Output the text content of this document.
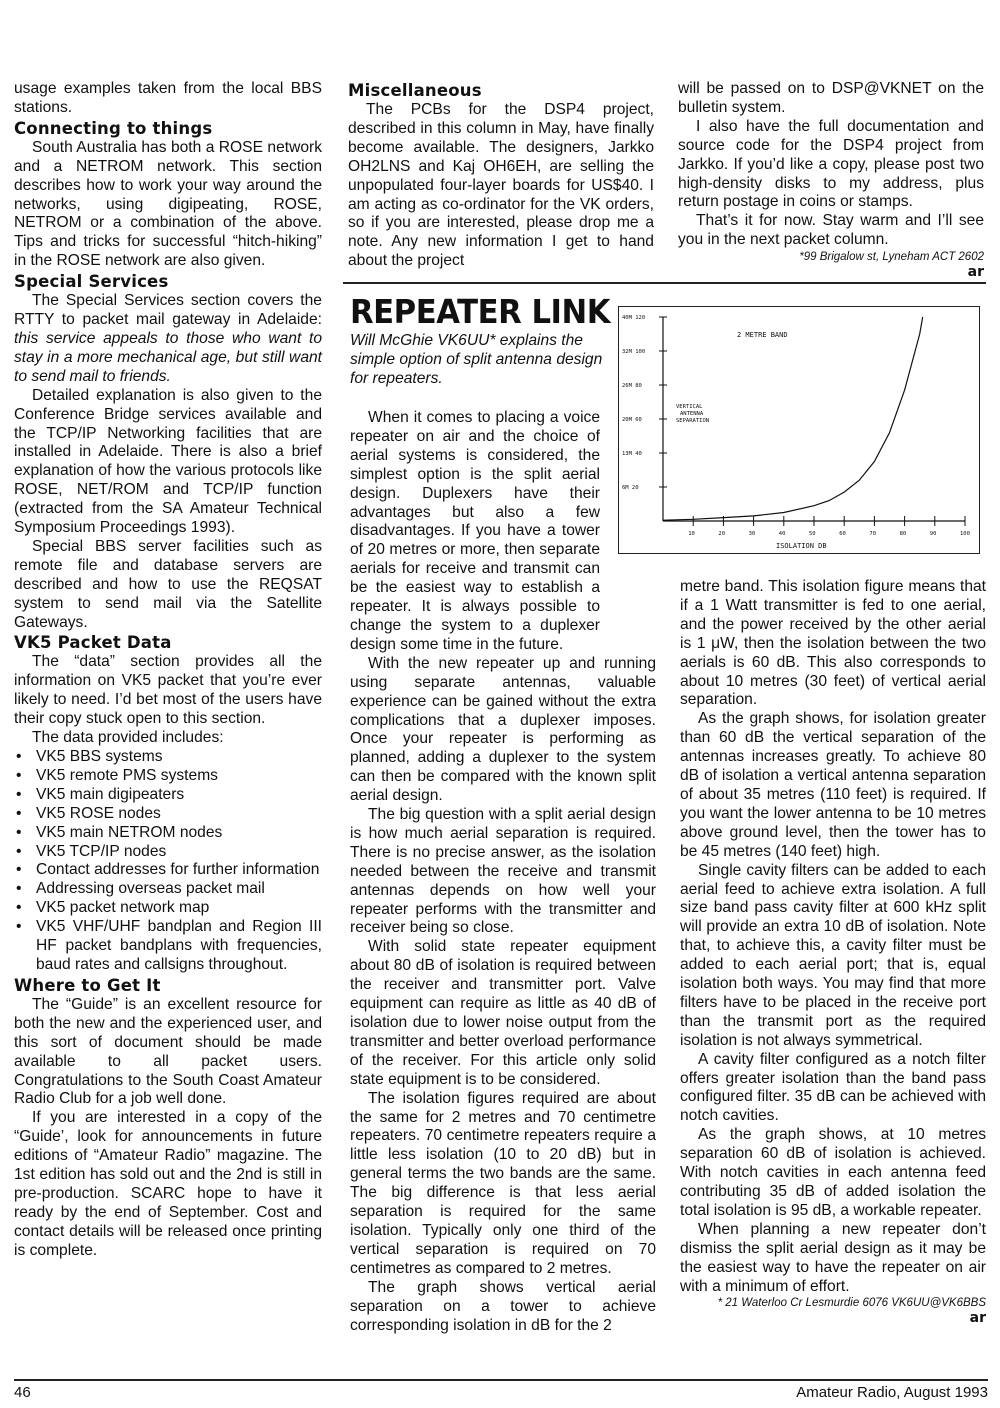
usage examples taken from the local BBS stations.

Connecting to things

South Australia has both a ROSE network and a NETROM network. This section describes how to work your way around the networks, using digipeating, ROSE, NETROM or a combination of the above. Tips and tricks for successful “hitch-hiking” in the ROSE network are also given.

Special Services

The Special Services section covers the RTTY to packet mail gateway in Adelaide: this service appeals to those who want to stay in a more mechanical age, but still want to send mail to friends.

Detailed explanation is also given to the Conference Bridge services available and the TCP/IP Networking facilities that are installed in Adelaide. There is also a brief explanation of how the various protocols like ROSE, NET/ROM and TCP/IP function (extracted from the SA Amateur Technical Symposium Proceedings 1993).

Special BBS server facilities such as remote file and database servers are described and how to use the REQSAT system to send mail via the Satellite Gateways.

VK5 Packet Data

The “data” section provides all the information on VK5 packet that you’re ever likely to need. I’d bet most of the users have their copy stuck open to this section.

The data provided includes:

• VK5 BBS systems
• VK5 remote PMS systems
• VK5 main digipeaters
• VK5 ROSE nodes
• VK5 main NETROM nodes
• VK5 TCP/IP nodes
• Contact addresses for further information
• Addressing overseas packet mail
• VK5 packet network map
• VK5 VHF/UHF bandplan and Region III HF packet bandplans with frequencies, baud rates and callsigns throughout.
Where to Get It

The “Guide” is an excellent resource for both the new and the experienced user, and this sort of document should be made available to all packet users. Congratulations to the South Coast Amateur Radio Club for a job well done.

If you are interested in a copy of the “Guide’, look for announcements in future editions of “Amateur Radio” magazine. The 1st edition has sold out and the 2nd is still in pre-production. SCARC hope to have it ready by the end of September. Cost and contact details will be released once printing is complete.

Miscellaneous

The PCBs for the DSP4 project, described in this column in May, have finally become available. The designers, Jarkko OH2LNS and Kaj OH6EH, are selling the unpopulated four-layer boards for US$40. I am acting as co-ordinator for the VK orders, so if you are interested, please drop me a note. Any new information I get to hand about the project

will be passed on to DSP@VKNET on the bulletin system.

I also have the full documentation and source code for the DSP4 project from Jarkko. If you’d like a copy, please post two high-density disks to my address, plus return postage in coins or stamps.

That’s it for now. Stay warm and I’ll see you in the next packet column.

*99 Brigalow st, Lyneham ACT 2602
ar
REPEATER LINK
Will McGhie VK6UU* explains the simple option of split antenna design for repeaters.
6M 20
13M 40
20M 60
26M 80
32M 100
40M 120
10	20	30	40	50	60	70	80	90	100
2 METRE BAND
VERTICAL ANTENNA SEPARATION
ISOLATION DB

When it comes to placing a voice repeater on air and the choice of aerial systems is considered, the simplest option is the split aerial design. Duplexers have their advantages but also a few disadvantages. If you have a tower of 20 metres or more, then separate aerials for receive and transmit can be the easiest way to establish a repeater. It is always possible to change the system to a duplexer design some time in the future.

With the new repeater up and running using separate antennas, valuable experience can be gained without the extra complications that a duplexer imposes. Once your repeater is performing as planned, adding a duplexer to the system can then be compared with the known split aerial design.

The big question with a split aerial design is how much aerial separation is required. There is no precise answer, as the isolation needed between the receive and transmit antennas depends on how well your repeater performs with the transmitter and receiver being so close.

With solid state repeater equipment about 80 dB of isolation is required between the receiver and transmitter port. Valve equipment can require as little as 40 dB of isolation due to lower noise output from the transmitter and better overload performance of the receiver. For this article only solid state equipment is to be considered.

The isolation figures required are about the same for 2 metres and 70 centimetre repeaters. 70 centimetre repeaters require a little less isolation (10 to 20 dB) but in general terms the two bands are the same. The big difference is that less aerial separation is required for the same isolation. Typically only one third of the vertical separation is required on 70 centimetres as compared to 2 metres.

The graph shows vertical aerial separation on a tower to achieve corresponding isolation in dB for the 2

metre band. This isolation figure means that if a 1 Watt transmitter is fed to one aerial, and the power received by the other aerial is 1 μW, then the isolation between the two aerials is 60 dB. This also corresponds to about 10 metres (30 feet) of vertical aerial separation.

As the graph shows, for isolation greater than 60 dB the vertical separation of the antennas increases greatly. To achieve 80 dB of isolation a vertical antenna separation of about 35 metres (110 feet) is required. If you want the lower antenna to be 10 metres above ground level, then the tower has to be 45 metres (140 feet) high.

Single cavity filters can be added to each aerial feed to achieve extra isolation. A full size band pass cavity filter at 600 kHz split will provide an extra 10 dB of isolation. Note that, to achieve this, a cavity filter must be added to each aerial port; that is, equal isolation both ways. You may find that more filters have to be placed in the receive port than the transmit port as the required isolation is not always symmetrical.

A cavity filter configured as a notch filter offers greater isolation than the band pass configured filter. 35 dB can be achieved with notch cavities.

As the graph shows, at 10 metres separation 60 dB of isolation is achieved. With notch cavities in each antenna feed contributing 35 dB of added isolation the total isolation is 95 dB, a workable repeater.

When planning a new repeater don’t dismiss the split aerial design as it may be the easiest way to have the repeater on air with a minimum of effort.

* 21 Waterloo Cr Lesmurdie 6076 VK6UU@VK6BBS
ar
46	Amateur Radio, August 1993
